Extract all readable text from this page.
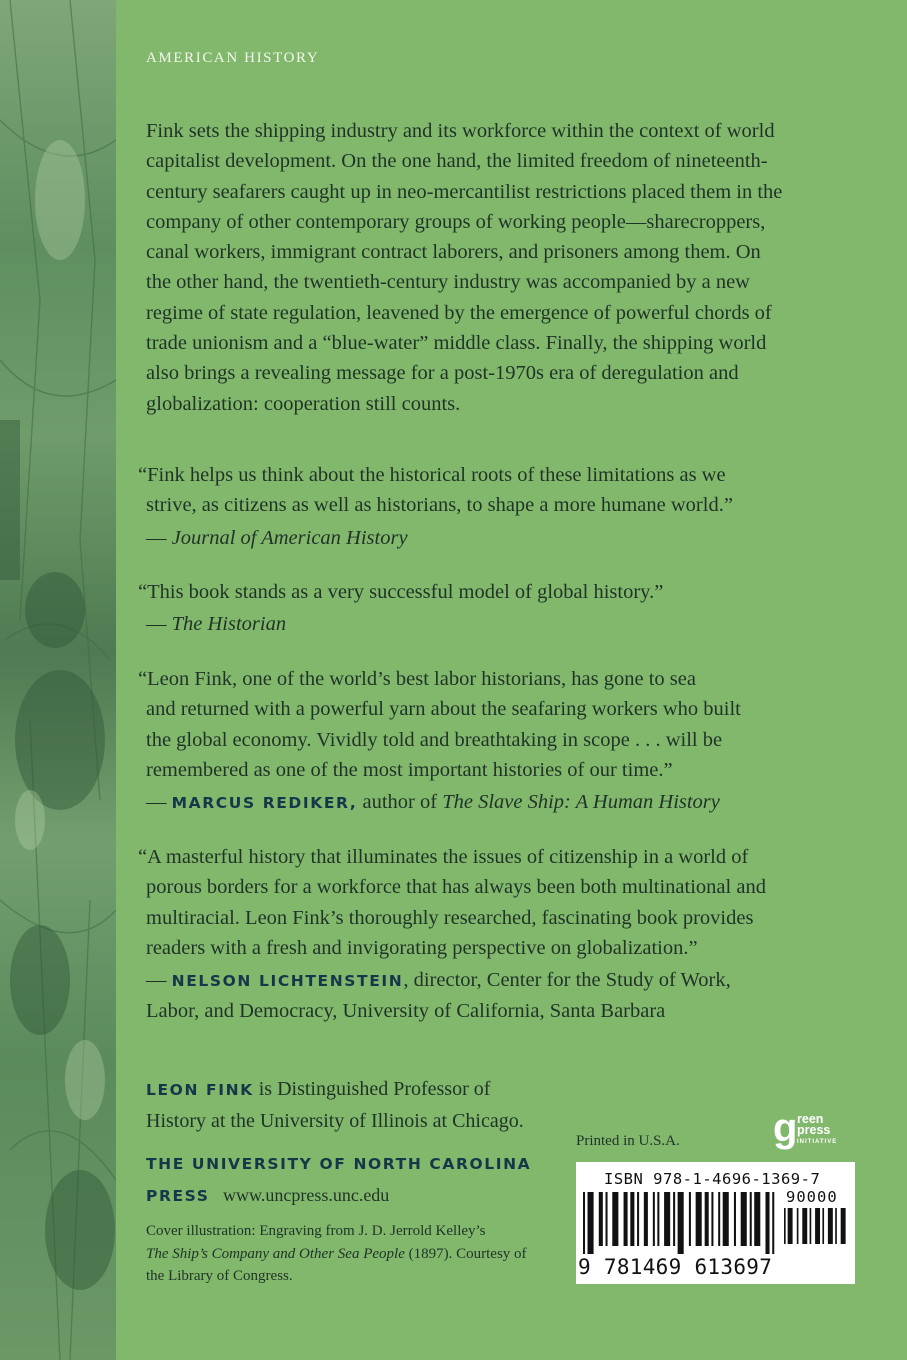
AMERICAN HISTORY
Fink sets the shipping industry and its workforce within the context of world
capitalist development. On the one hand, the limited freedom of nineteenth-
century seafarers caught up in neo-mercantilist restrictions placed them in the
company of other contemporary groups of working people—sharecroppers,
canal workers, immigrant contract laborers, and prisoners among them. On
the other hand, the twentieth-century industry was accompanied by a new
regime of state regulation, leavened by the emergence of powerful chords of
trade unionism and a “blue-water” middle class. Finally, the shipping world
also brings a revealing message for a post-1970s era of deregulation and
globalization: cooperation still counts.
“Fink helps us think about the historical roots of these limitations as we
strive, as citizens as well as historians, to shape a more humane world.”
— Journal of American History
“This book stands as a very successful model of global history.”
— The Historian
“Leon Fink, one of the world’s best labor historians, has gone to sea
and returned with a powerful yarn about the seafaring workers who built
the global economy. Vividly told and breathtaking in scope . . . will be
remembered as one of the most important histories of our time.”
— MARCUS REDIKER, author of The Slave Ship: A Human History
“A masterful history that illuminates the issues of citizenship in a world of
porous borders for a workforce that has always been both multinational and
multiracial. Leon Fink’s thoroughly researched, fascinating book provides
readers with a fresh and invigorating perspective on globalization.”
— NELSON LICHTENSTEIN, director, Center for the Study of Work,
Labor, and Democracy, University of California, Santa Barbara
LEON FINK is Distinguished Professor of
History at the University of Illinois at Chicago.
THE UNIVERSITY OF NORTH CAROLINA
PRESS www.uncpress.unc.edu
Cover illustration: Engraving from J. D. Jerrold Kelley’s
The Ship’s Company and Other Sea People (1897). Courtesy of
the Library of Congress.
g reen
press
INITIATIVE
Printed in U.S.A.
ISBN 978-1-4696-1369-7
90000
9 781469 613697
